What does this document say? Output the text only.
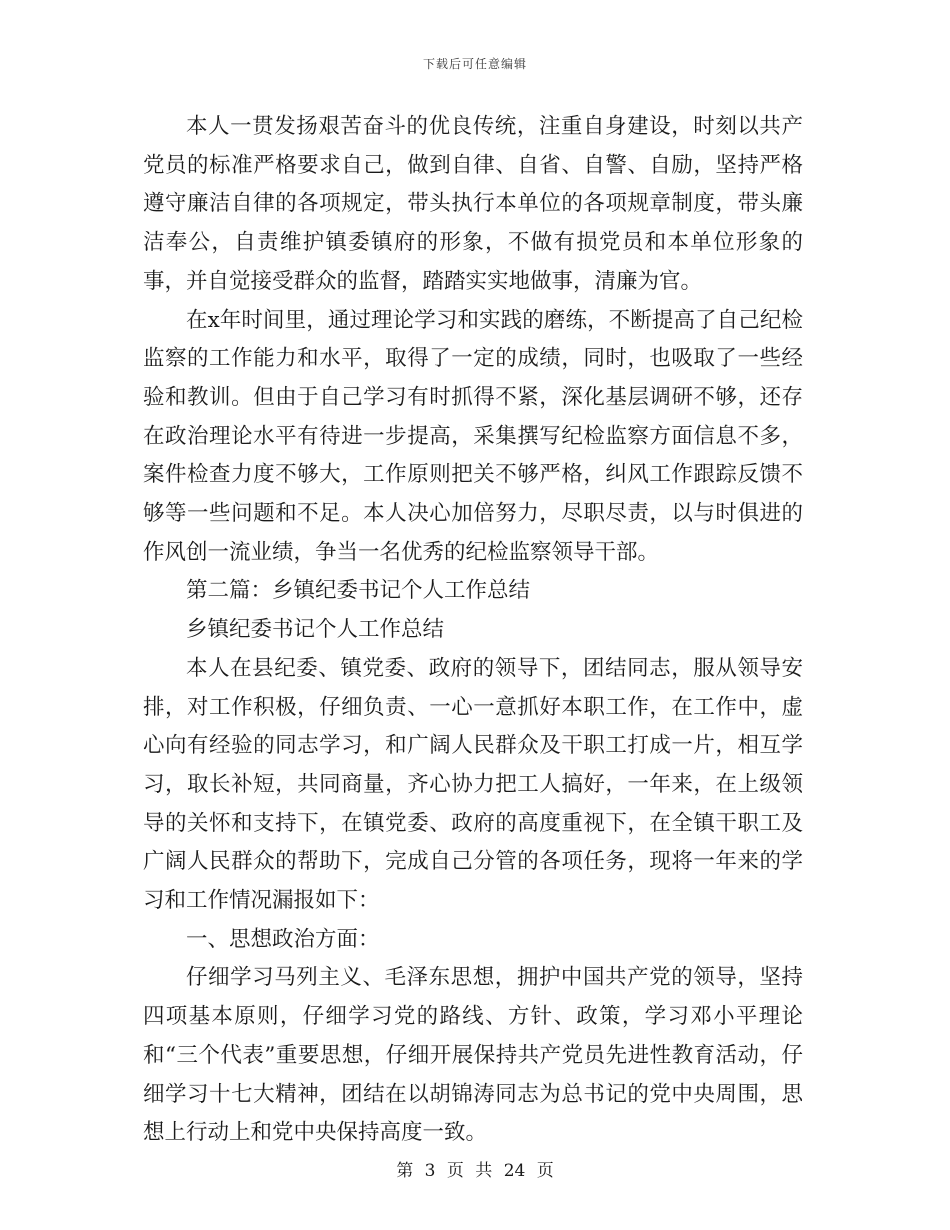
下载后可任意编辑

本人一贯发扬艰苦奋斗的优良传统，注重自身建设，时刻以共产党员的标准严格要求自己，做到自律、自省、自警、自励，坚持严格遵守廉洁自律的各项规定，带头执行本单位的各项规章制度，带头廉洁奉公，自责维护镇委镇府的形象，不做有损党员和本单位形象的事，并自觉接受群众的监督，踏踏实实地做事，清廉为官。

在x年时间里，通过理论学习和实践的磨练，不断提高了自己纪检监察的工作能力和水平，取得了一定的成绩，同时，也吸取了一些经验和教训。但由于自己学习有时抓得不紧，深化基层调研不够，还存在政治理论水平有待进一步提高，采集撰写纪检监察方面信息不多，案件检查力度不够大，工作原则把关不够严格，纠风工作跟踪反馈不够等一些问题和不足。本人决心加倍努力，尽职尽责，以与时俱进的作风创一流业绩，争当一名优秀的纪检监察领导干部。

第二篇：乡镇纪委书记个人工作总结

乡镇纪委书记个人工作总结

本人在县纪委、镇党委、政府的领导下，团结同志，服从领导安排，对工作积极，仔细负责、一心一意抓好本职工作，在工作中，虚心向有经验的同志学习，和广阔人民群众及干职工打成一片，相互学习，取长补短，共同商量，齐心协力把工人搞好，一年来，在上级领导的关怀和支持下，在镇党委、政府的高度重视下，在全镇干职工及广阔人民群众的帮助下，完成自己分管的各项任务，现将一年来的学习和工作情况漏报如下：

一、思想政治方面：

仔细学习马列主义、毛泽东思想，拥护中国共产党的领导，坚持四项基本原则，仔细学习党的路线、方针、政策，学习邓小平理论和“三个代表”重要思想，仔细开展保持共产党员先进性教育活动，仔细学习十七大精神，团结在以胡锦涛同志为总书记的党中央周围，思想上行动上和党中央保持高度一致。

第 3 页 共 24 页
